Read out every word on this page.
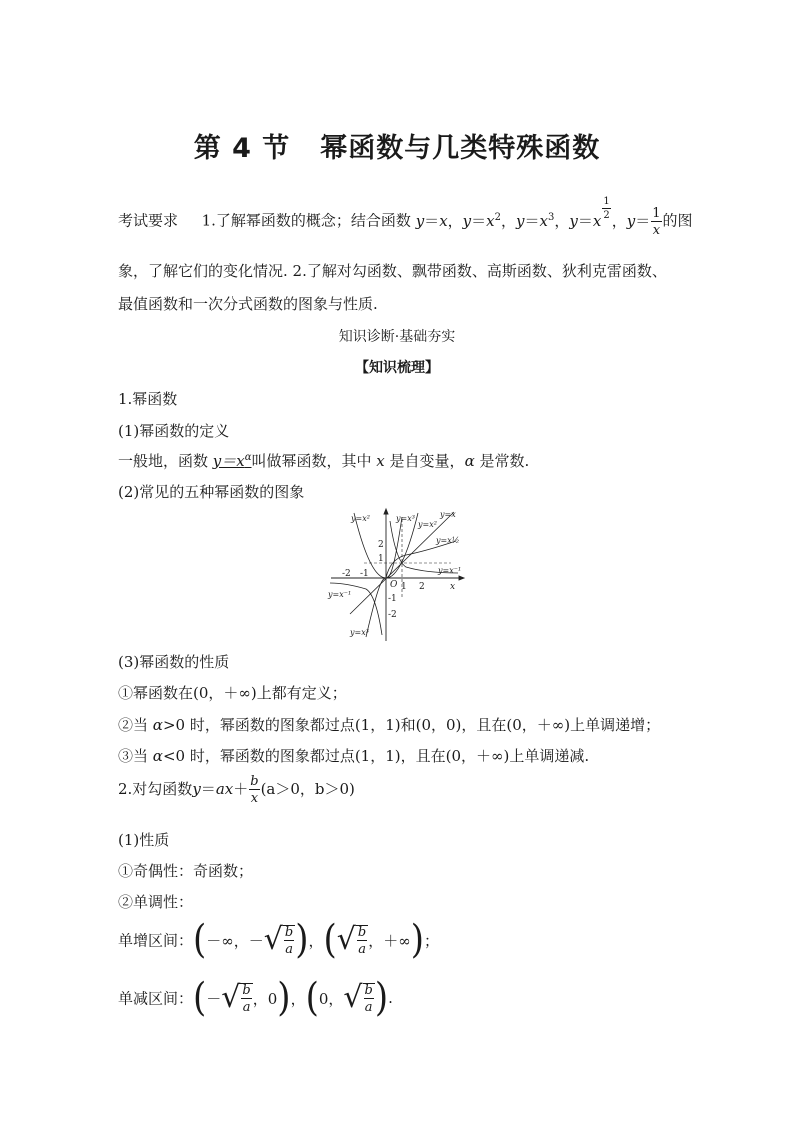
第 4 节 幂函数与几类特殊函数
考试要求 1.了解幂函数的概念；结合函数 y＝x，$y=x^2$，$y=x^3$，y＝x $^{\frac{1}{2}}$ ，$y= \frac{1}{x}$ 的图
象，了解它们的变化情况. 2.了解对勾函数、飘带函数、高斯函数、狄利克雷函数、
最值函数和一次分式函数的图象与性质.
知识诊断·基础夯实
【知识梳理】
1.幂函数
(1)幂函数的定义
一般地，函数 $y=x^\alpha$叫做幂函数，其中 x 是自变量，α 是常数.
(2)常见的五种幂函数的图象
y=x²	y=x³
y=x²
y=x
y=x½
y=x⁻¹
y=x⁻¹
y=x³
2
1
-2 -1
O 1 2	x
-1
-2
(3)幂函数的性质
①幂函数在(0，＋∞)上都有定义；
②当 α>0 时，幂函数的图象都过点(1，1)和(0，0)，且在(0，＋∞)上单调递增；
③当 α<0 时，幂函数的图象都过点(1，1)，且在(0，＋∞)上单调递减.
2.对勾函数$y=ax+ \frac{b}{x} (a>0$，b＞0)
(1)性质
①奇偶性：奇函数；
②单调性：
单增区间：(－∞，－ √ $\frac{b}{a}$ )，( √ $\frac{b}{a}$ ，＋∞)；
单减区间：(－ √ $\frac{b}{a}$ ，0)，(0， √ $\frac{b}{a}$ ).
